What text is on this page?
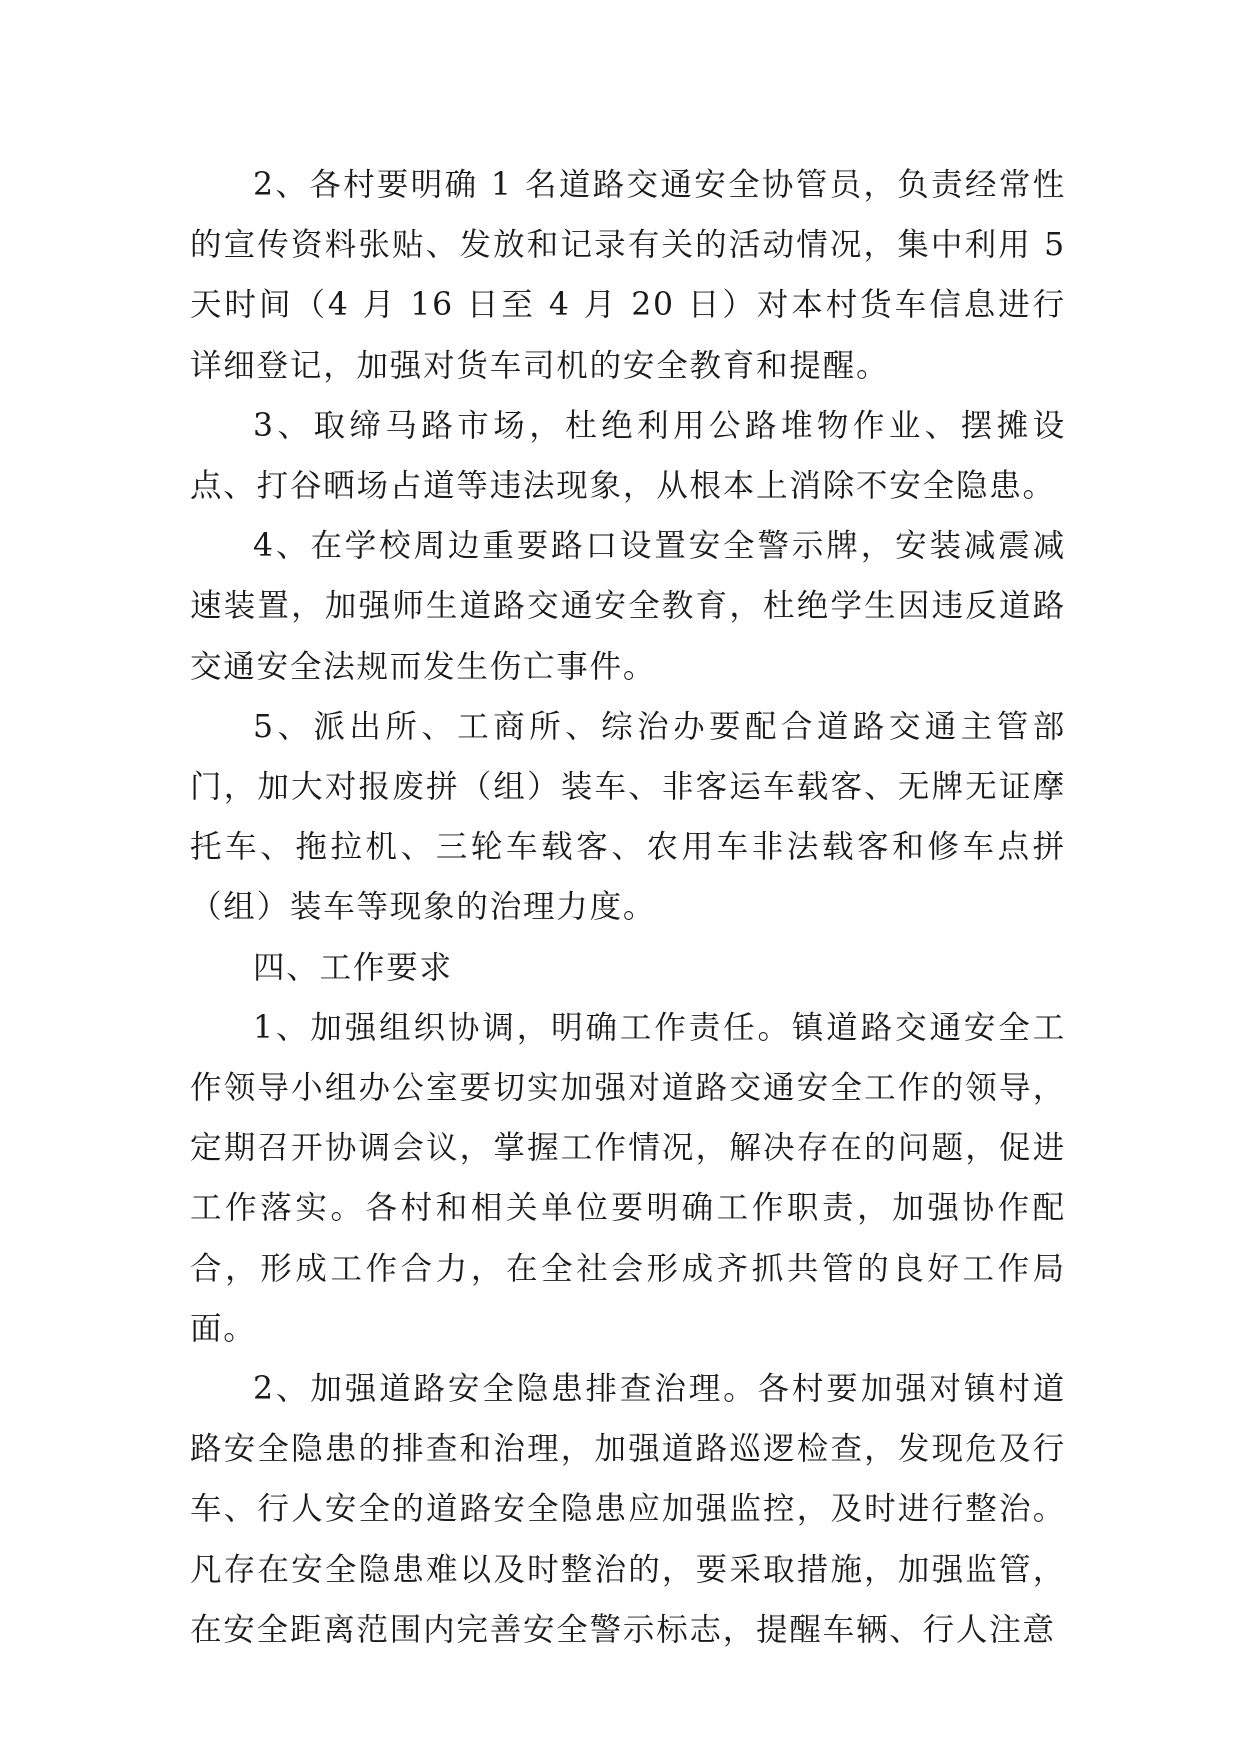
2、各村要明确 1 名道路交通安全协管员，负责经常性的宣传资料张贴、发放和记录有关的活动情况，集中利用 5 天时间（4 月 16 日至 4 月 20 日）对本村货车信息进行详细登记，加强对货车司机的安全教育和提醒。

3、取缔马路市场，杜绝利用公路堆物作业、摆摊设点、打谷晒场占道等违法现象，从根本上消除不安全隐患。

4、在学校周边重要路口设置安全警示牌，安装减震减速装置，加强师生道路交通安全教育，杜绝学生因违反道路交通安全法规而发生伤亡事件。

5、派出所、工商所、综治办要配合道路交通主管部门，加大对报废拼（组）装车、非客运车载客、无牌无证摩托车、拖拉机、三轮车载客、农用车非法载客和修车点拼（组）装车等现象的治理力度。

四、工作要求

1、加强组织协调，明确工作责任。镇道路交通安全工作领导小组办公室要切实加强对道路交通安全工作的领导，定期召开协调会议，掌握工作情况，解决存在的问题，促进工作落实。各村和相关单位要明确工作职责，加强协作配合，形成工作合力，在全社会形成齐抓共管的良好工作局面。

2、加强道路安全隐患排查治理。各村要加强对镇村道路安全隐患的排查和治理，加强道路巡逻检查，发现危及行车、行人安全的道路安全隐患应加强监控，及时进行整治。凡存在安全隐患难以及时整治的，要采取措施，加强监管，在安全距离范围内完善安全警示标志，提醒车辆、行人注意
